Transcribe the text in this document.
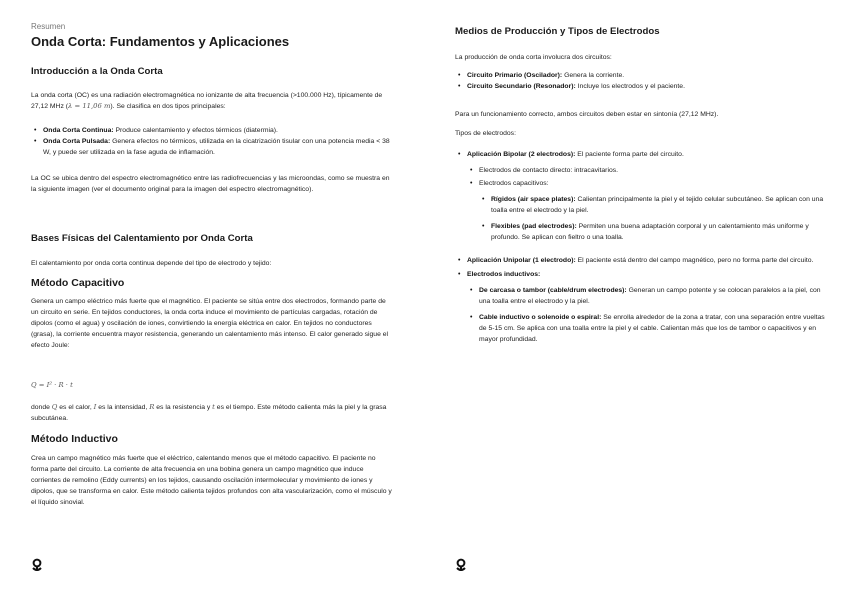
Resumen
Onda Corta: Fundamentos y Aplicaciones
Introducción a la Onda Corta

La onda corta (OC) es una radiación electromagnética no ionizante de alta frecuencia (>100.000 Hz), típicamente de 27,12 MHz (λ = 11,06 m). Se clasifica en dos tipos principales:

• Onda Corta Continua: Produce calentamiento y efectos térmicos (diatermia).
• Onda Corta Pulsada: Genera efectos no térmicos, utilizada en la cicatrización tisular con una potencia media < 38 W, y puede ser utilizada en la fase aguda de inflamación.

La OC se ubica dentro del espectro electromagnético entre las radiofrecuencias y las microondas, como se muestra en la siguiente imagen (ver el documento original para la imagen del espectro electromagnético).

Bases Físicas del Calentamiento por Onda Corta

El calentamiento por onda corta continua depende del tipo de electrodo y tejido:

Método Capacitivo

Genera un campo eléctrico más fuerte que el magnético. El paciente se sitúa entre dos electrodos, formando parte de un circuito en serie. En tejidos conductores, la onda corta induce el movimiento de partículas cargadas, rotación de dipolos (como el agua) y oscilación de iones, convirtiendo la energía eléctrica en calor. En tejidos no conductores (grasa), la corriente encuentra mayor resistencia, generando un calentamiento más intenso. El calor generado sigue el efecto Joule:

Q = I² · R · t

donde Q es el calor, I es la intensidad, R es la resistencia y t es el tiempo. Este método calienta más la piel y la grasa subcutánea.

Método Inductivo

Crea un campo magnético más fuerte que el eléctrico, calentando menos que el método capacitivo. El paciente no forma parte del circuito. La corriente de alta frecuencia en una bobina genera un campo magnético que induce corrientes de remolino (Eddy currents) en los tejidos, causando oscilación intermolecular y movimiento de iones y dipolos, que se transforma en calor. Este método calienta tejidos profundos con alta vascularización, como el músculo y el líquido sinovial.

Medios de Producción y Tipos de Electrodos

La producción de onda corta involucra dos circuitos:

• Circuito Primario (Oscilador): Genera la corriente.
• Circuito Secundario (Resonador): Incluye los electrodos y el paciente.

Para un funcionamiento correcto, ambos circuitos deben estar en sintonía (27,12 MHz).

Tipos de electrodos:

• Aplicación Bipolar (2 electrodos): El paciente forma parte del circuito.
• Electrodos de contacto directo: intracavitarios.
• Electrodos capacitivos:
• Rígidos (air space plates): Calientan principalmente la piel y el tejido celular subcutáneo. Se aplican con una toalla entre el electrodo y la piel.
• Flexibles (pad electrodes): Permiten una buena adaptación corporal y un calentamiento más uniforme y profundo. Se aplican con fieltro o una toalla.
• Aplicación Unipolar (1 electrodo): El paciente está dentro del campo magnético, pero no forma parte del circuito.
• Electrodos inductivos:
• De carcasa o tambor (cable/drum electrodes): Generan un campo potente y se colocan paralelos a la piel, con una toalla entre el electrodo y la piel.
• Cable inductivo o solenoide o espiral: Se enrolla alrededor de la zona a tratar, con una separación entre vueltas de 5-15 cm. Se aplica con una toalla entre la piel y el cable. Calientan más que los de tambor o capacitivos y en mayor profundidad.
